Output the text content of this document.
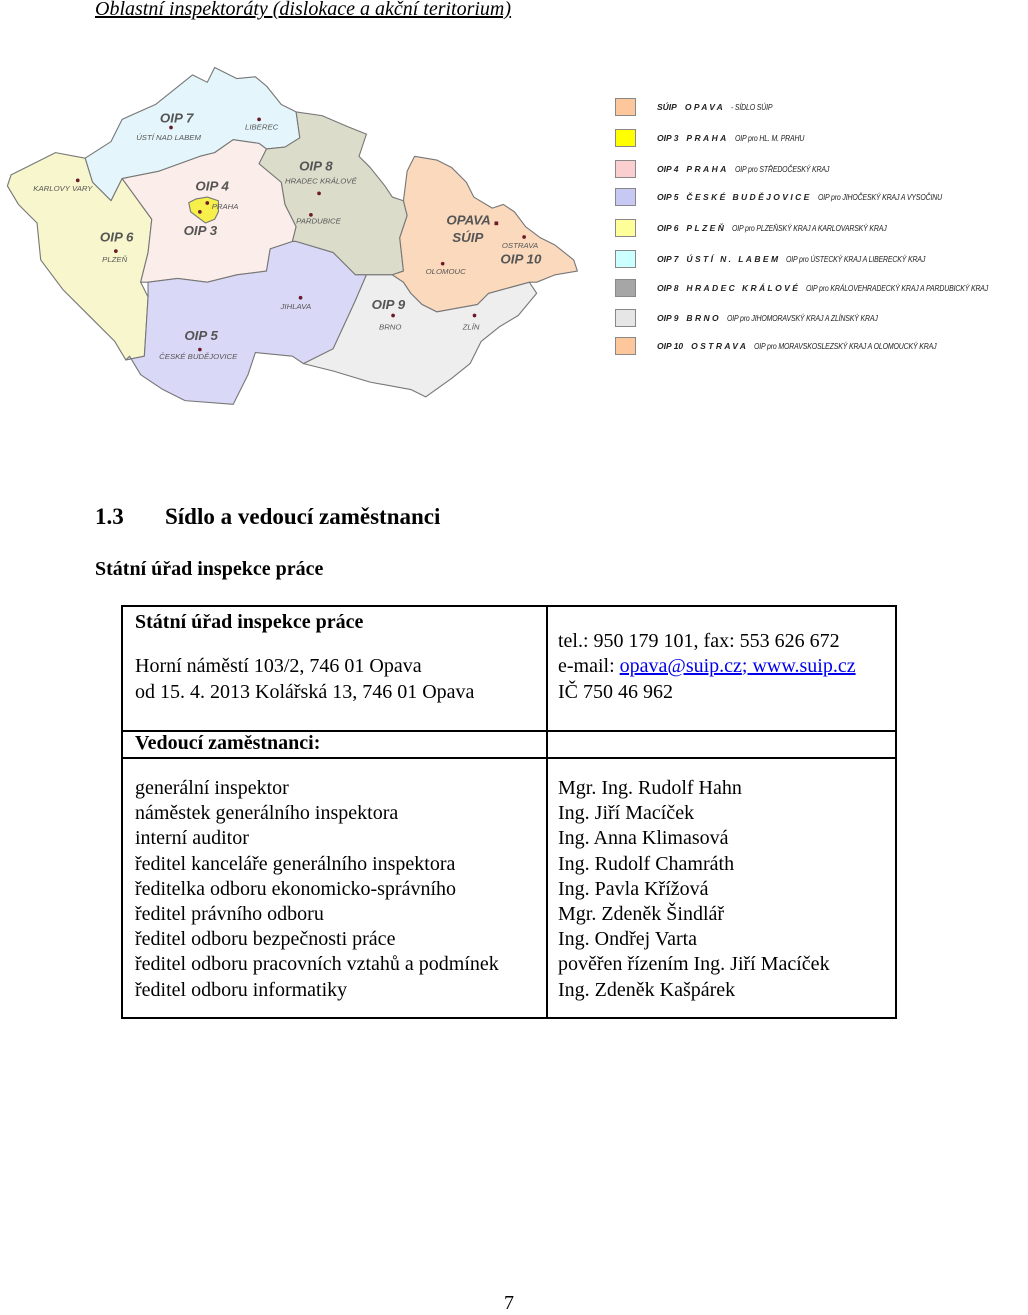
Oblastní inspektoráty (dislokace a akční teritorium)
OIP 7
OIP 6
OIP 4
OIP 8
OIP 5
OIP 9
OIP 10
OIP 3
OPAVA
SÚIP
ÚSTÍ NAD LABEM
LIBEREC
KARLOVY VARY
PLZEŇ
PRAHA
HRADEC KRÁLOVÉ
PARDUBICE
JIHLAVA
ČESKÉ BUDĚJOVICE
BRNO	ZLÍN
OLOMOUC
OSTRAVA
SÚIP OPAVA - SÍDLO SÚIP
OIP 3 PRAHA OIP pro HL. M. PRAHU
OIP 4 PRAHA OIP pro STŘEDOČESKÝ KRAJ
OIP 5 ČESKÉ BUDĚJOVICE OIP pro JIHOČESKÝ KRAJ A VYSOČINU
OIP 6 PLZEŇ OIP pro PLZEŇSKÝ KRAJ A KARLOVARSKÝ KRAJ
OIP 7 ÚSTÍ N. LABEM OIP pro ÚSTECKÝ KRAJ A LIBERECKÝ KRAJ
OIP 8 HRADEC KRÁLOVÉ OIP pro KRÁLOVEHRADECKÝ KRAJ A PARDUBICKÝ KRAJ
OIP 9 BRNO OIP pro JIHOMORAVSKÝ KRAJ A ZLÍNSKÝ KRAJ
OIP 10 OSTRAVA OIP pro MORAVSKOSLEZSKÝ KRAJ A OLOMOUCKÝ KRAJ
1.3 Sídlo a vedoucí zaměstnanci
Státní úřad inspekce práce
Státní úřad inspekce práce
Horní náměstí 103/2, 746 01 Opava
od 15. 4. 2013 Kolářská 13, 746 01 Opava
tel.: 950 179 101, fax: 553 626 672
e-mail: opava@suip.cz; www.suip.cz
IČ 750 46 962
Vedoucí zaměstnanci:
generální inspektor
náměstek generálního inspektora
interní auditor
ředitel kanceláře generálního inspektora
ředitelka odboru ekonomicko-správního
ředitel právního odboru
ředitel odboru bezpečnosti práce
ředitel odboru pracovních vztahů a podmínek
ředitel odboru informatiky
Mgr. Ing. Rudolf Hahn
Ing. Jiří Macíček
Ing. Anna Klimasová
Ing. Rudolf Chamráth
Ing. Pavla Křížová
Mgr. Zdeněk Šindlář
Ing. Ondřej Varta
pověřen řízením Ing. Jiří Macíček
Ing. Zdeněk Kašpárek
7
